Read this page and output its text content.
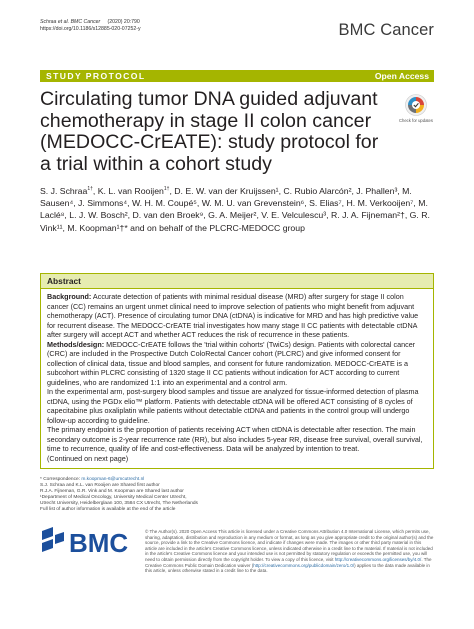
Schraa et al. BMC Cancer (2020) 20:790
https://doi.org/10.1186/s12885-020-07252-y	BMC Cancer
STUDY PROTOCOL	Open Access
Circulating tumor DNA guided adjuvant chemotherapy in stage II colon cancer (MEDOCC-CrEATE): study protocol for a trial within a cohort study
Check for updates
S. J. Schraa$^{1\dagger}$, K. L. van Rooijen$^{1\dagger}$, D. E. W. van der Kruijssen¹, C. Rubio Alarcón², J. Phallen³, M. Sausen⁴, J. Simmons⁴, W. H. M. Coupé⁵, W. M. U. van Grevenstein⁶, S. Elias⁷, H. M. Verkooijen⁷, M. Laclé⁸, L. J. W. Bosch², D. van den Broek⁹, G. A. Meijer², V. E. Velculescu³, R. J. A. Fijneman²†, G. R. Vink¹¹, M. Koopman¹†* and on behalf of the PLCRC-MEDOCC group
Abstract

Background: Accurate detection of patients with minimal residual disease (MRD) after surgery for stage II colon cancer (CC) remains an urgent unmet clinical need to improve selection of patients who might benefit from adjuvant chemotherapy (ACT). Presence of circulating tumor DNA (ctDNA) is indicative for MRD and has high predictive value for recurrent disease. The MEDOCC-CrEATE trial investigates how many stage II CC patients with detectable ctDNA after surgery will accept ACT and whether ACT reduces the risk of recurrence in these patients.

Methods/design: MEDOCC-CrEATE follows the 'trial within cohorts' (TwiCs) design. Patients with colorectal cancer (CRC) are included in the Prospective Dutch ColoRectal Cancer cohort (PLCRC) and give informed consent for collection of clinical data, tissue and blood samples, and consent for future randomization. MEDOCC-CrEATE is a subcohort within PLCRC consisting of 1320 stage II CC patients without indication for ACT according to current guidelines, who are randomized 1:1 into an experimental and a control arm.

In the experimental arm, post-surgery blood samples and tissue are analyzed for tissue-informed detection of plasma ctDNA, using the PGDx elio™ platform. Patients with detectable ctDNA will be offered ACT consisting of 8 cycles of capecitabine plus oxaliplatin while patients without detectable ctDNA and patients in the control group will undergo follow-up according to guideline.

The primary endpoint is the proportion of patients receiving ACT when ctDNA is detectable after resection. The main secondary outcome is 2-year recurrence rate (RR), but also includes 5-year RR, disease free survival, overall survival, time to recurrence, quality of life and cost-effectiveness. Data will be analyzed by intention to treat.

(Continued on next page)

* Correspondence: m.koopman-6@umcutrecht.nl
S.J. Schraa and K.L. van Rooijen are Shared first author
R.J.A. Fijneman, G.R. Vink and M. Koopman are Shared last author
¹Department of Medical Oncology, University Medical Center Utrecht, Utrecht University, Heidelberglaan 100, 3584 CX Utrecht, The Netherlands
Full list of author information is available at the end of the article
BMC	© The Author(s). 2020 Open Access This article is licensed under a Creative Commons Attribution 4.0 International License, which permits use, sharing, adaptation, distribution and reproduction in any medium or format, as long as you give appropriate credit to the original author(s) and the source, provide a link to the Creative Commons licence, and indicate if changes were made. The images or other third party material in this article are included in the article's Creative Commons licence, unless indicated otherwise in a credit line to the material. If material is not included in the article's Creative Commons licence and your intended use is not permitted by statutory regulation or exceeds the permitted use, you will need to obtain permission directly from the copyright holder. To view a copy of this licence, visit http://creativecommons.org/licenses/by/4.0/. The Creative Commons Public Domain Dedication waiver (http://creativecommons.org/publicdomain/zero/1.0/) applies to the data made available in this article, unless otherwise stated in a credit line to the data.
